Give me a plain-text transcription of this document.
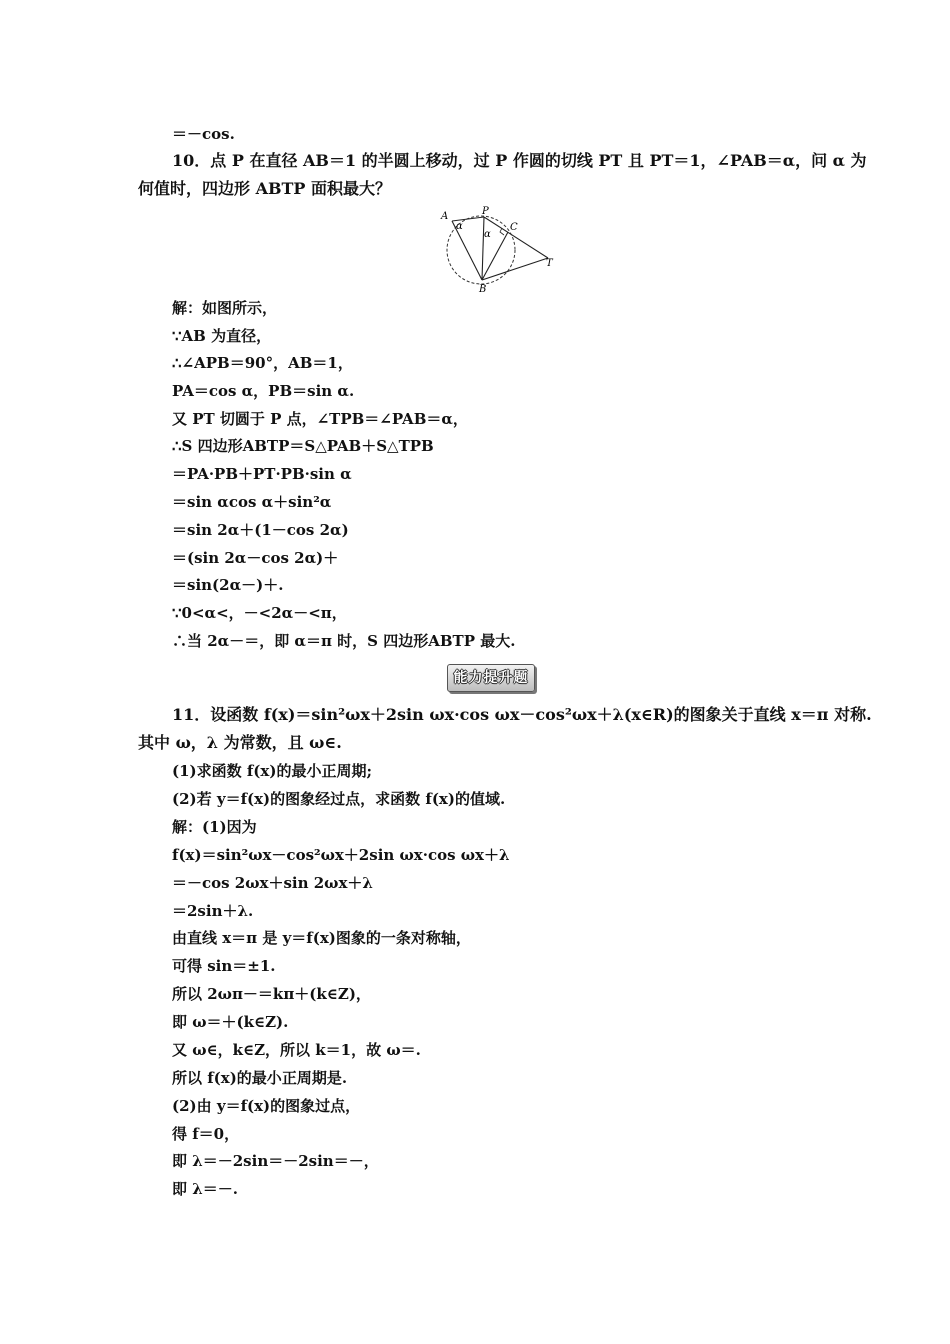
＝－cos.
10．点 P 在直径 AB＝1 的半圆上移动，过 P 作圆的切线 PT 且 PT＝1，∠PAB＝α，问 α 为
何值时，四边形 ABTP 面积最大？
A	P
C
T
B
α
α
解：如图所示，
∵AB 为直径，
∴∠APB＝90°，AB＝1，
PA＝cos α，PB＝sin α.
又 PT 切圆于 P 点，∠TPB＝∠PAB＝α，
∴S 四边形ABTP＝S△PAB＋S△TPB
＝PA·PB＋PT·PB·sin α
＝sin αcos α＋sin²α
＝sin 2α＋(1－cos 2α)
＝(sin 2α－cos 2α)＋
＝sin(2α－)＋.
∵0<α<，－<2α－<π，
∴当 2α－＝，即 α＝π 时，S 四边形ABTP 最大.
能力提升题
11．设函数 f(x)＝sin²ωx＋2sin ωx·cos ωx－cos²ωx＋λ(x∈R)的图象关于直线 x＝π 对称.
其中 ω，λ 为常数，且 ω∈.
(1)求函数 f(x)的最小正周期;
(2)若 y＝f(x)的图象经过点，求函数 f(x)的值域.
解：(1)因为
f(x)＝sin²ωx－cos²ωx＋2sin ωx·cos ωx＋λ
＝－cos 2ωx＋sin 2ωx＋λ
＝2sin＋λ.
由直线 x＝π 是 y＝f(x)图象的一条对称轴，
可得 sin＝±1.
所以 2ωπ－＝kπ＋(k∈Z)，
即 ω＝＋(k∈Z).
又 ω∈，k∈Z，所以 k＝1，故 ω＝.
所以 f(x)的最小正周期是.
(2)由 y＝f(x)的图象过点，
得 f＝0，
即 λ＝－2sin＝－2sin＝－，
即 λ＝－.
